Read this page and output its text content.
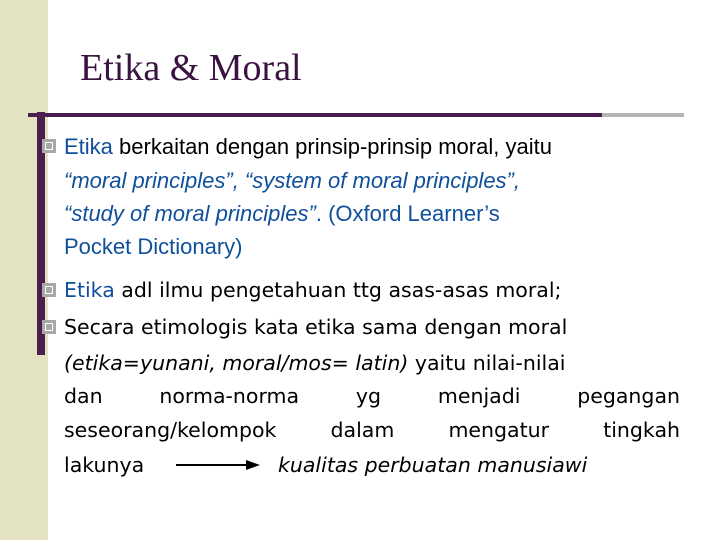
Etika & Moral
Etika berkaitan dengan prinsip-prinsip moral, yaitu
“moral principles”, “system of moral principles”,
“study of moral principles”. (Oxford Learner’s
Pocket Dictionary)
Etika adl ilmu pengetahuan ttg asas-asas moral;
Secara etimologis kata etika sama dengan moral
(etika=yunani, moral/mos= latin) yaitu nilai-nilai
dan norma-norma yg menjadi pegangan
seseorang/kelompok dalam mengatur tingkah
lakunya	kualitas perbuatan manusiawi
